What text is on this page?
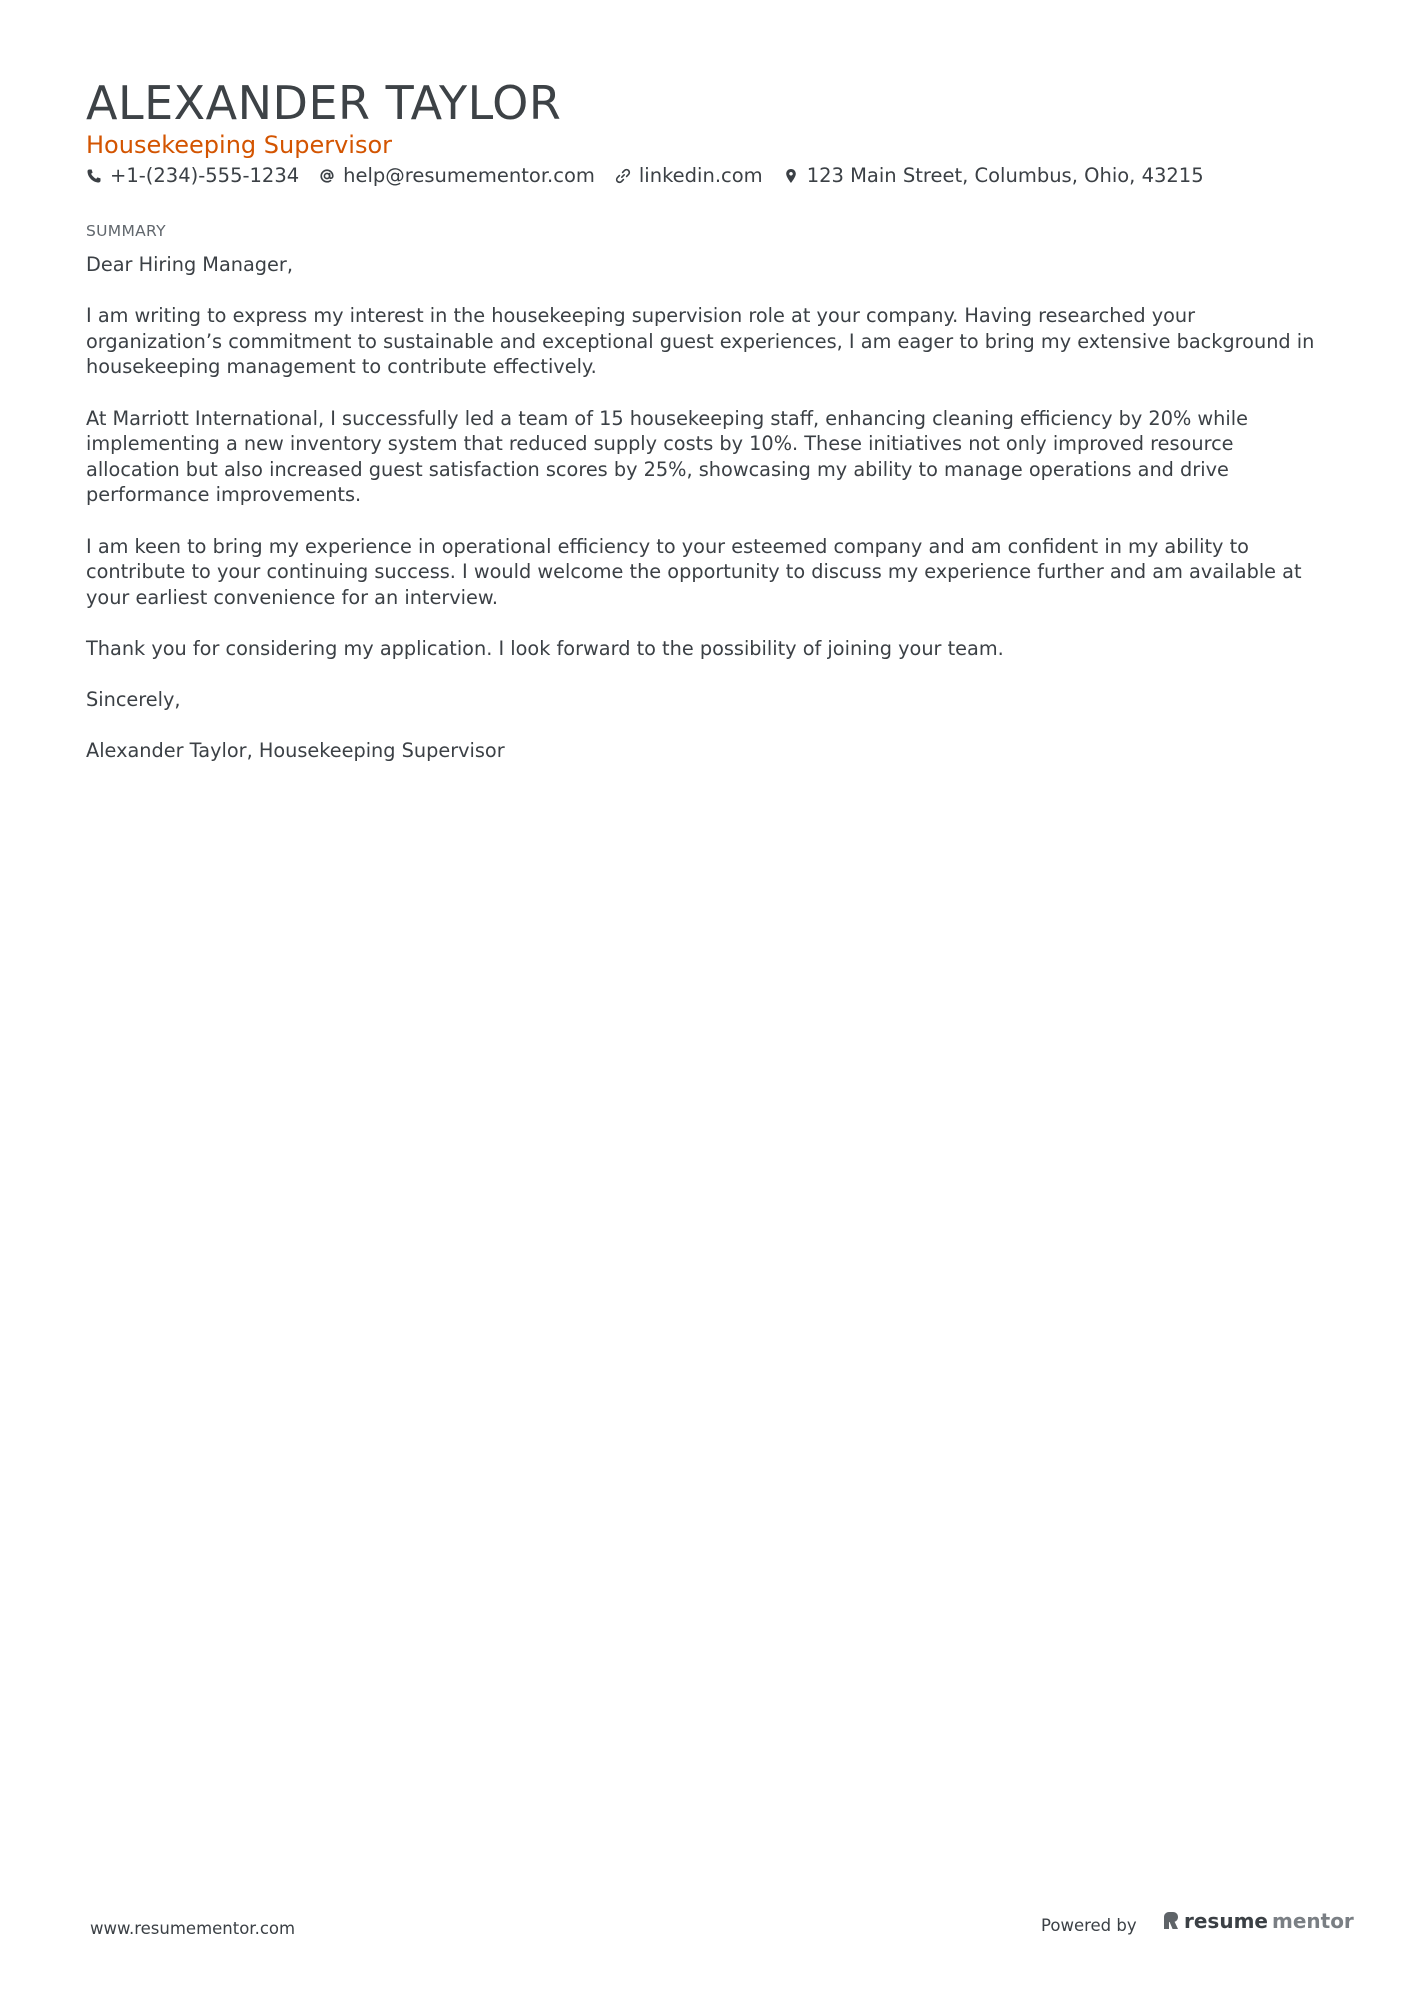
ALEXANDER TAYLOR
Housekeeping Supervisor
+1-(234)-555-1234 help@resumementor.com linkedin.com 123 Main Street, Columbus, Ohio, 43215
SUMMARY

Dear Hiring Manager,

I am writing to express my interest in the housekeeping supervision role at your company. Having researched your organization’s commitment to sustainable and exceptional guest experiences, I am eager to bring my extensive background in housekeeping management to contribute effectively.

At Marriott International, I successfully led a team of 15 housekeeping staff, enhancing cleaning efficiency by 20% while implementing a new inventory system that reduced supply costs by 10%. These initiatives not only improved resource allocation but also increased guest satisfaction scores by 25%, showcasing my ability to manage operations and drive performance improvements.

I am keen to bring my experience in operational efficiency to your esteemed company and am confident in my ability to contribute to your continuing success. I would welcome the opportunity to discuss my experience further and am available at your earliest convenience for an interview.

Thank you for considering my application. I look forward to the possibility of joining your team.

Sincerely,

Alexander Taylor, Housekeeping Supervisor

www.resumementor.com	Powered by resume mentor
